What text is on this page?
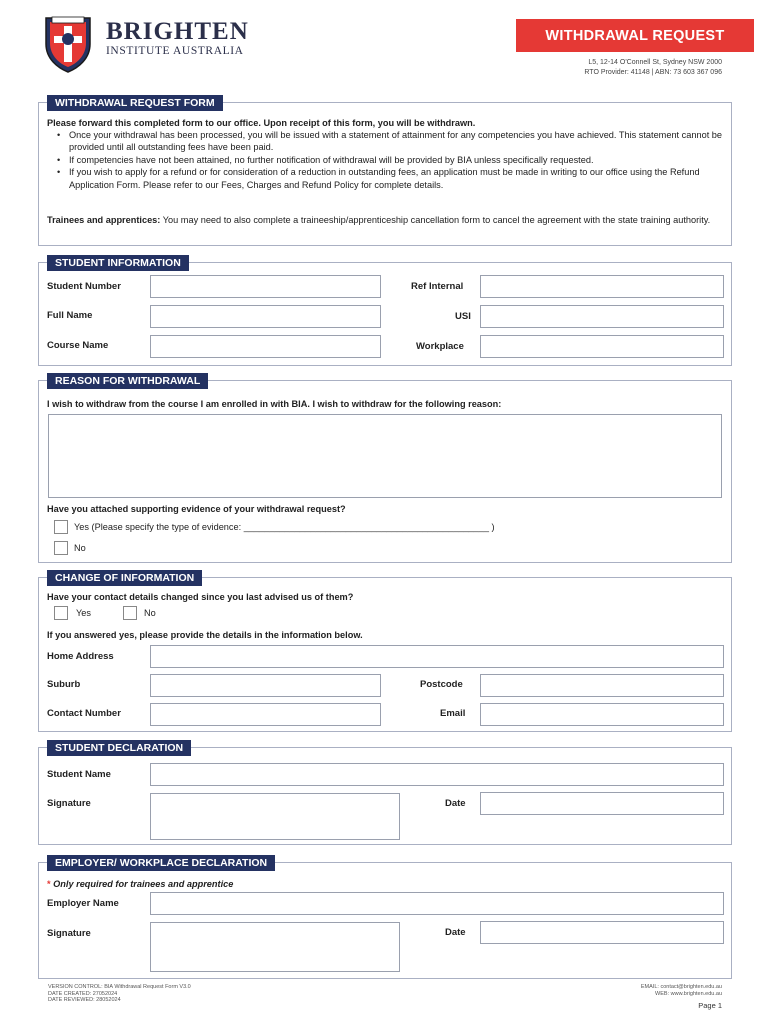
BRIGHTEN
INSTITUTE AUSTRALIA
WITHDRAWAL REQUEST
L5, 12-14 O'Connell St, Sydney NSW 2000
RTO Provider: 41148 | ABN: 73 603 367 096
WITHDRAWAL REQUEST FORM
Please forward this completed form to our office. Upon receipt of this form, you will be withdrawn.
• Once your withdrawal has been processed, you will be issued with a statement of attainment for any competencies you have achieved. This statement cannot be provided until all outstanding fees have been paid.
• If competencies have not been attained, no further notification of withdrawal will be provided by BIA unless specifically requested.
• If you wish to apply for a refund or for consideration of a reduction in outstanding fees, an application must be made in writing to our office using the Refund Application Form. Please refer to our Fees, Charges and Refund Policy for complete details.
Trainees and apprentices: You may need to also complete a traineeship/apprenticeship cancellation form to cancel the agreement with the state training authority.
STUDENT INFORMATION
Student Number	Ref Internal
Full Name	USI
Course Name	Workplace
REASON FOR WITHDRAWAL
I wish to withdraw from the course I am enrolled in with BIA. I wish to withdraw for the following reason:
Have you attached supporting evidence of your withdrawal request?
Yes (Please specify the type of evidence: ________________________________________________ )
No
CHANGE OF INFORMATION
Have your contact details changed since you last advised us of them?
Yes	No
If you answered yes, please provide the details in the information below.
Home Address
Suburb	Postcode
Contact Number	Email
STUDENT DECLARATION
Student Name
Signature	Date
EMPLOYER/ WORKPLACE DECLARATION
* Only required for trainees and apprentice
Employer Name
Signature	Date
VERSION CONTROL: BIA Withdrawal Request Form V3.0
DATE CREATED: 27052024
DATE REVIEWED: 28052024
EMAIL: contact@brighten.edu.au
WEB: www.brighten.edu.au
Page 1
